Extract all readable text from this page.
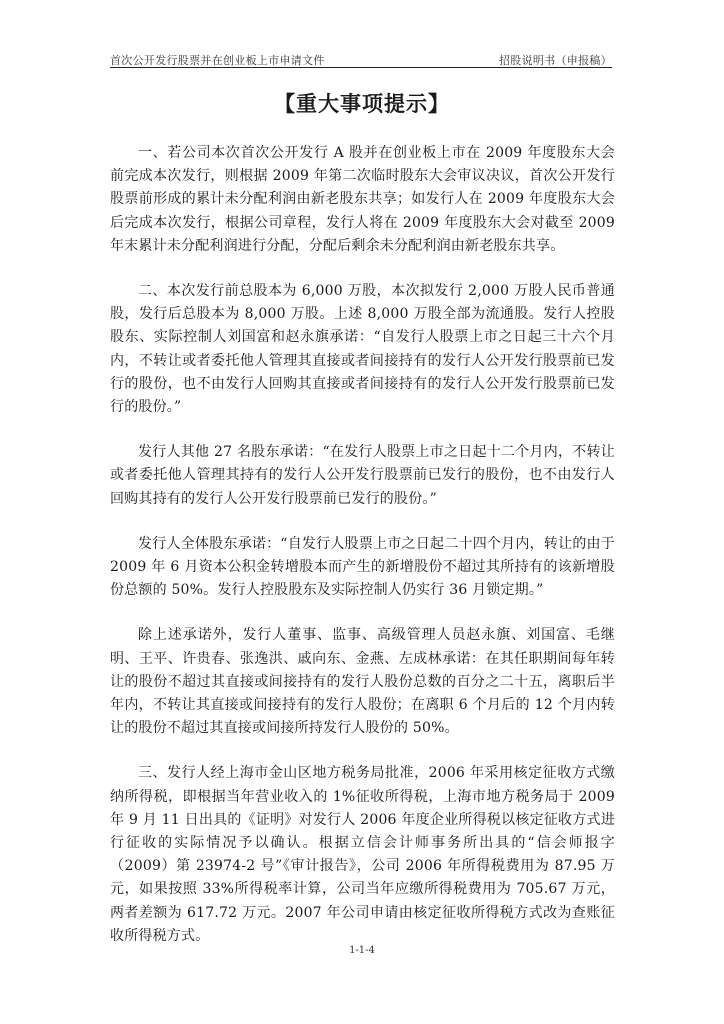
首次公开发行股票并在创业板上市申请文件	招股说明书（申报稿）
【重大事项提示】

一、若公司本次首次公开发行 A 股并在创业板上市在 2009 年度股东大会前完成本次发行，则根据 2009 年第二次临时股东大会审议决议，首次公开发行股票前形成的累计未分配利润由新老股东共享；如发行人在 2009 年度股东大会后完成本次发行，根据公司章程，发行人将在 2009 年度股东大会对截至 2009 年末累计未分配利润进行分配，分配后剩余未分配利润由新老股东共享。

二、本次发行前总股本为 6,000 万股，本次拟发行 2,000 万股人民币普通股，发行后总股本为 8,000 万股。上述 8,000 万股全部为流通股。发行人控股股东、实际控制人刘国富和赵永旗承诺：“自发行人股票上市之日起三十六个月内，不转让或者委托他人管理其直接或者间接持有的发行人公开发行股票前已发行的股份，也不由发行人回购其直接或者间接持有的发行人公开发行股票前已发行的股份。”

发行人其他 27 名股东承诺：“在发行人股票上市之日起十二个月内，不转让或者委托他人管理其持有的发行人公开发行股票前已发行的股份，也不由发行人回购其持有的发行人公开发行股票前已发行的股份。”

发行人全体股东承诺：“自发行人股票上市之日起二十四个月内，转让的由于 2009 年 6 月资本公积金转增股本而产生的新增股份不超过其所持有的该新增股份总额的 50%。发行人控股股东及实际控制人仍实行 36 月锁定期。”

除上述承诺外，发行人董事、监事、高级管理人员赵永旗、刘国富、毛继明、王平、许贵春、张逸洪、戚向东、金燕、左成林承诺：在其任职期间每年转让的股份不超过其直接或间接持有的发行人股份总数的百分之二十五，离职后半年内，不转让其直接或间接持有的发行人股份；在离职 6 个月后的 12 个月内转让的股份不超过其直接或间接所持发行人股份的 50%。

三、发行人经上海市金山区地方税务局批准，2006 年采用核定征收方式缴纳所得税，即根据当年营业收入的 1%征收所得税，上海市地方税务局于 2009 年 9 月 11 日出具的《证明》对发行人 2006 年度企业所得税以核定征收方式进行征收的实际情况予以确认。根据立信会计师事务所出具的“信会师报字（2009）第 23974-2 号”《审计报告》，公司 2006 年所得税费用为 87.95 万元，如果按照 33%所得税率计算，公司当年应缴所得税费用为 705.67 万元，两者差额为 617.72 万元。2007 年公司申请由核定征收所得税方式改为查账征收所得税方式。

1-1-4
